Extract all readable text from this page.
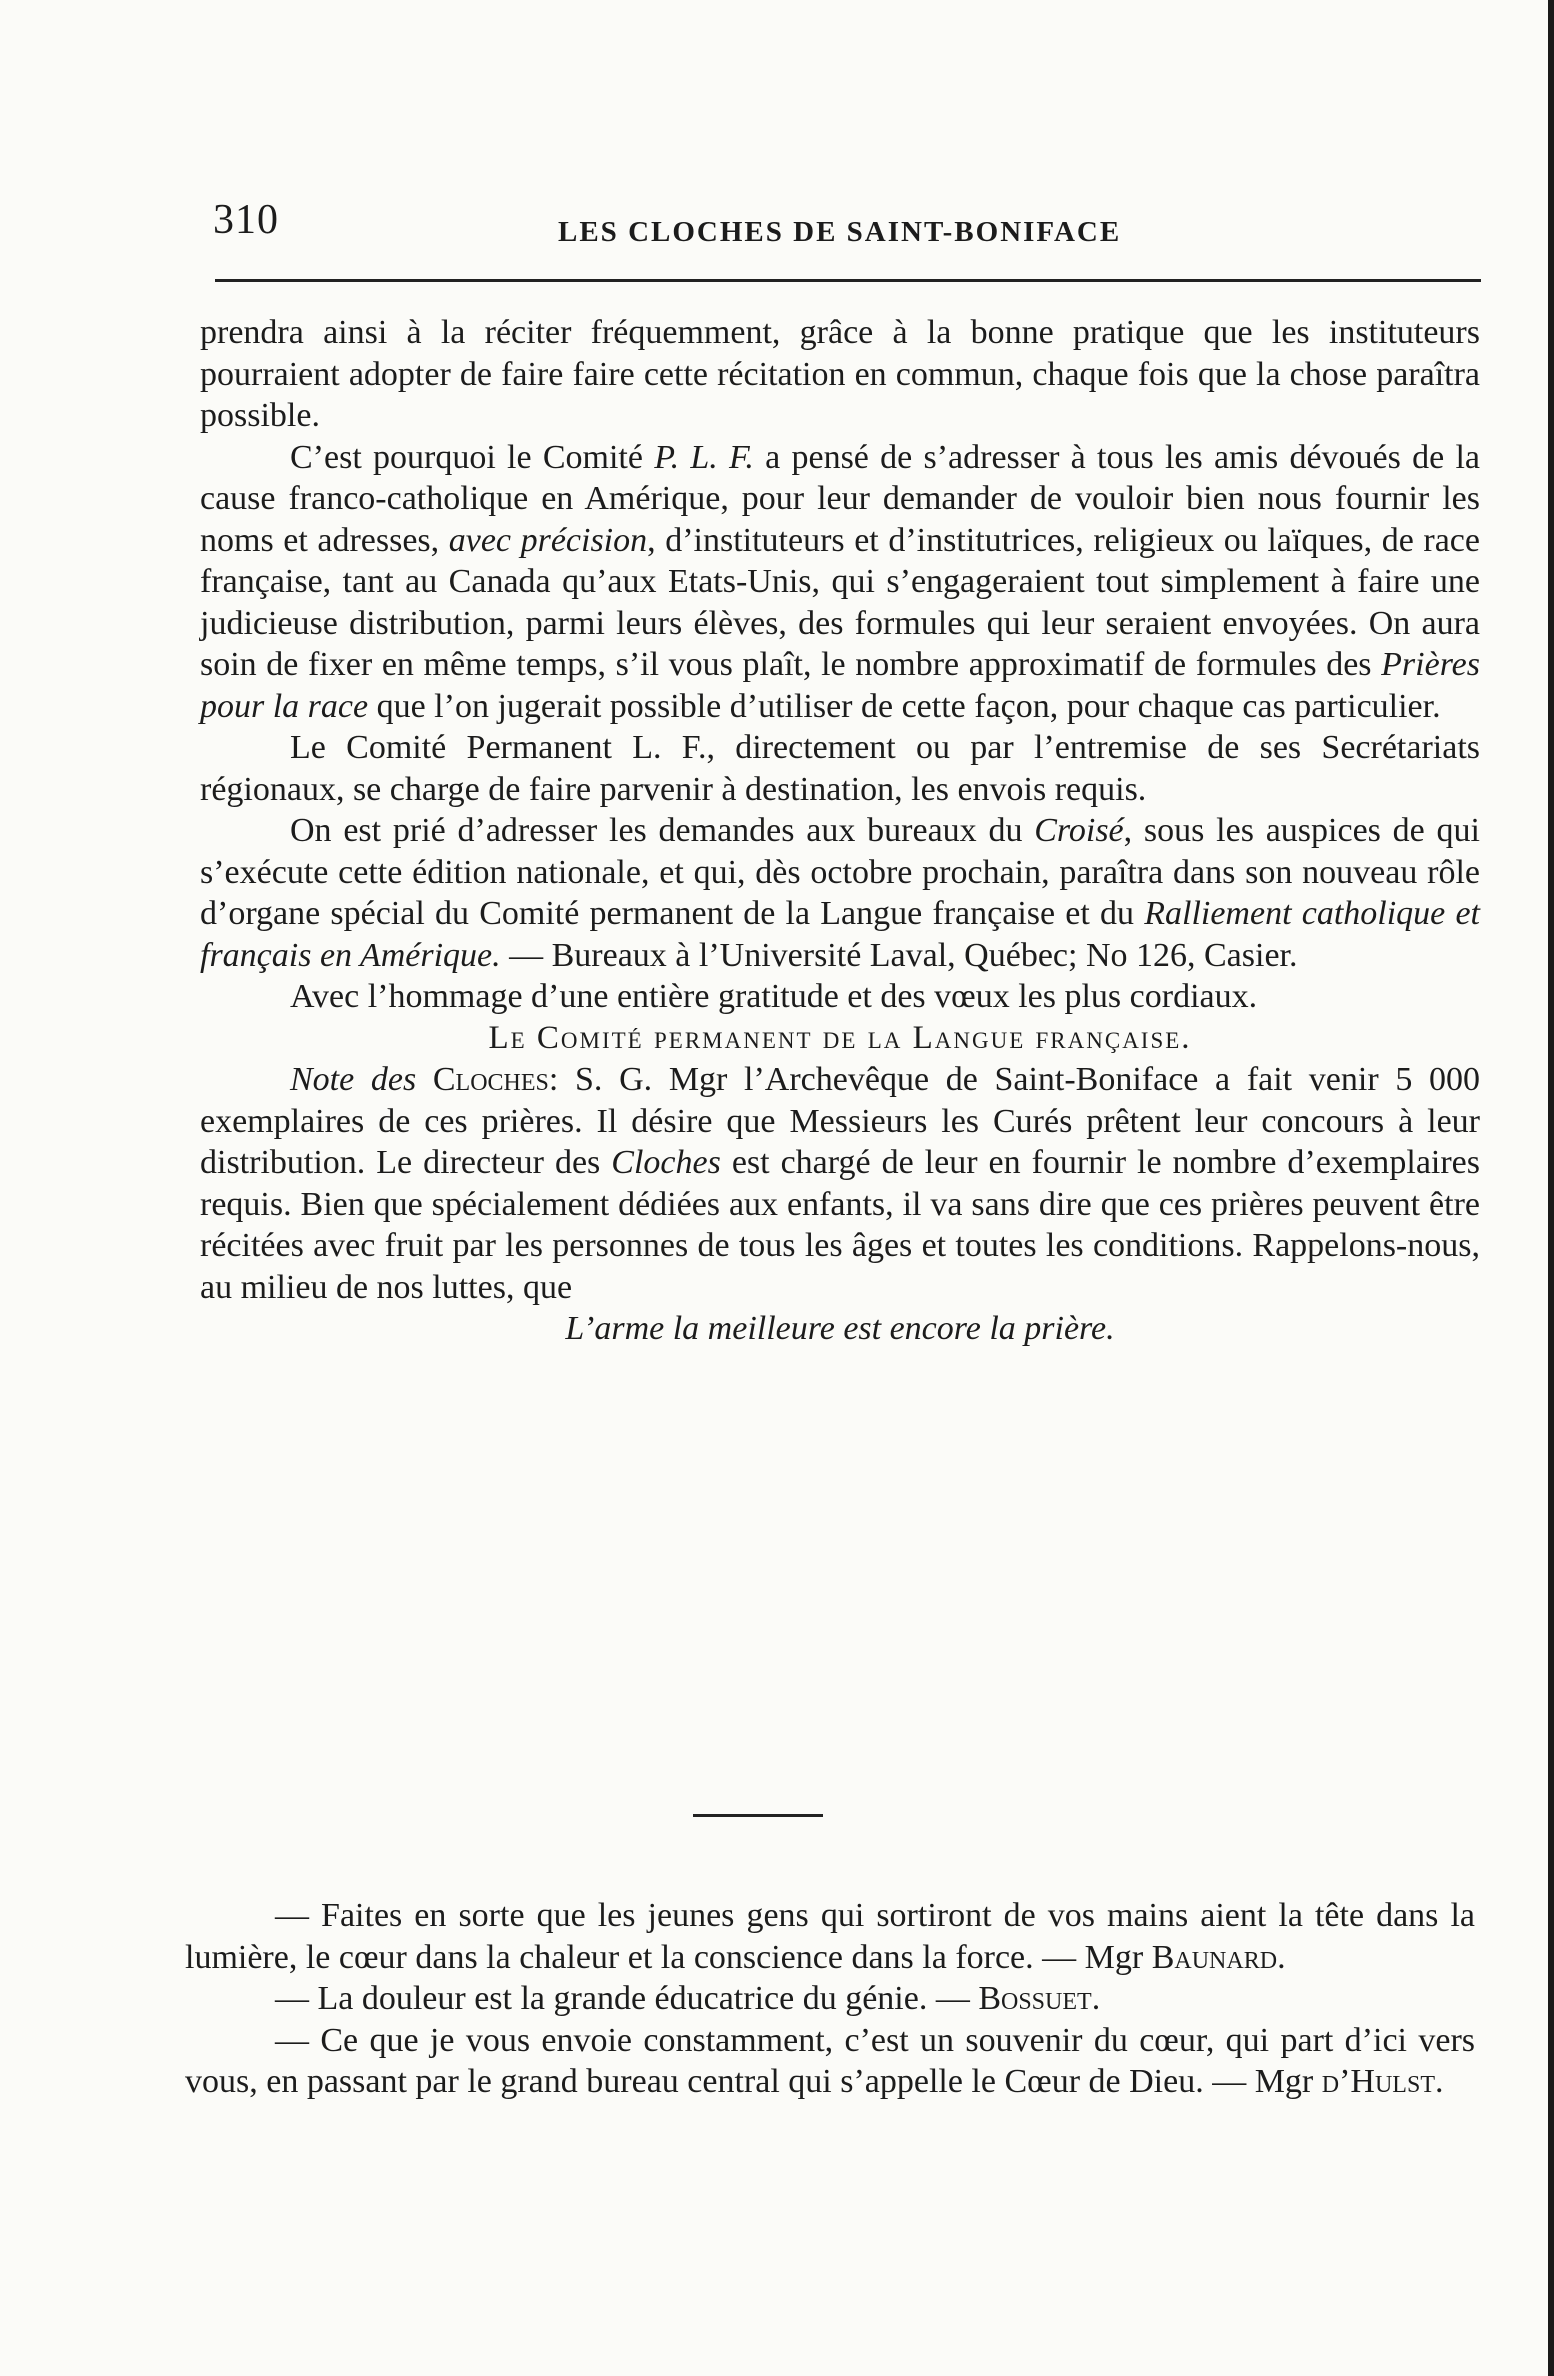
310	LES CLOCHES DE SAINT-BONIFACE

prendra ainsi à la réciter fréquemment, grâce à la bonne pratique que les instituteurs pourraient adopter de faire faire cette récitation en commun, chaque fois que la chose paraîtra possible.

C’est pourquoi le Comité P. L. F. a pensé de s’adresser à tous les amis dévoués de la cause franco-catholique en Amérique, pour leur demander de vouloir bien nous fournir les noms et adresses, avec précision, d’instituteurs et d’institutrices, religieux ou laïques, de race française, tant au Canada qu’aux Etats-Unis, qui s’engageraient tout simplement à faire une judicieuse distribution, parmi leurs élèves, des formules qui leur seraient envoyées. On aura soin de fixer en même temps, s’il vous plaît, le nombre approximatif de formules des Prières pour la race que l’on jugerait possible d’utiliser de cette façon, pour chaque cas particulier.

Le Comité Permanent L. F., directement ou par l’entremise de ses Secrétariats régionaux, se charge de faire parvenir à destination, les envois requis.

On est prié d’adresser les demandes aux bureaux du Croisé, sous les auspices de qui s’exécute cette édition nationale, et qui, dès octobre prochain, paraîtra dans son nouveau rôle d’organe spécial du Comité permanent de la Langue française et du Ralliement catholique et français en Amérique. — Bureaux à l’Université Laval, Québec; No 126, Casier.

Avec l’hommage d’une entière gratitude et des vœux les plus cordiaux.

Le Comité permanent de la Langue française.

Note des Cloches: S. G. Mgr l’Archevêque de Saint-Boniface a fait venir 5 000 exemplaires de ces prières. Il désire que Messieurs les Curés prêtent leur concours à leur distribution. Le directeur des Cloches est chargé de leur en fournir le nombre d’exemplaires requis. Bien que spécialement dédiées aux enfants, il va sans dire que ces prières peuvent être récitées avec fruit par les personnes de tous les âges et toutes les conditions. Rappelons-nous, au milieu de nos luttes, que

L’arme la meilleure est encore la prière.

— Faites en sorte que les jeunes gens qui sortiront de vos mains aient la tête dans la lumière, le cœur dans la chaleur et la conscience dans la force. — Mgr Baunard.

— La douleur est la grande éducatrice du génie. — Bossuet.

— Ce que je vous envoie constamment, c’est un souvenir du cœur, qui part d’ici vers vous, en passant par le grand bureau central qui s’appelle le Cœur de Dieu. — Mgr d’Hulst.
